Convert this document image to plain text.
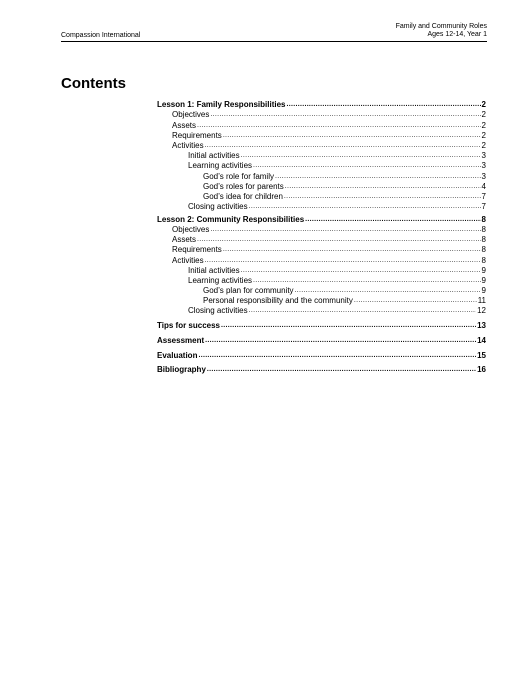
Compassion International
Family and Community Roles
Ages 12-14, Year 1
Contents
Lesson 1: Family Responsibilities .....	2
Objectives .....	2
Assets .....	2
Requirements .....	2
Activities .....	2
Initial activities .....	3
Learning activities .....	3
God’s role for family .....	3
God’s roles for parents .....	4
God’s idea for children .....	7
Closing activities .....	7
Lesson 2: Community Responsibilities .....	8
Objectives .....	8
Assets .....	8
Requirements .....	8
Activities .....	8
Initial activities .....	9
Learning activities .....	9
God’s plan for community .....	9
Personal responsibility and the community .....	11
Closing activities .....	12
Tips for success .....	13
Assessment .....	14
Evaluation .....	15
Bibliography .....	16
